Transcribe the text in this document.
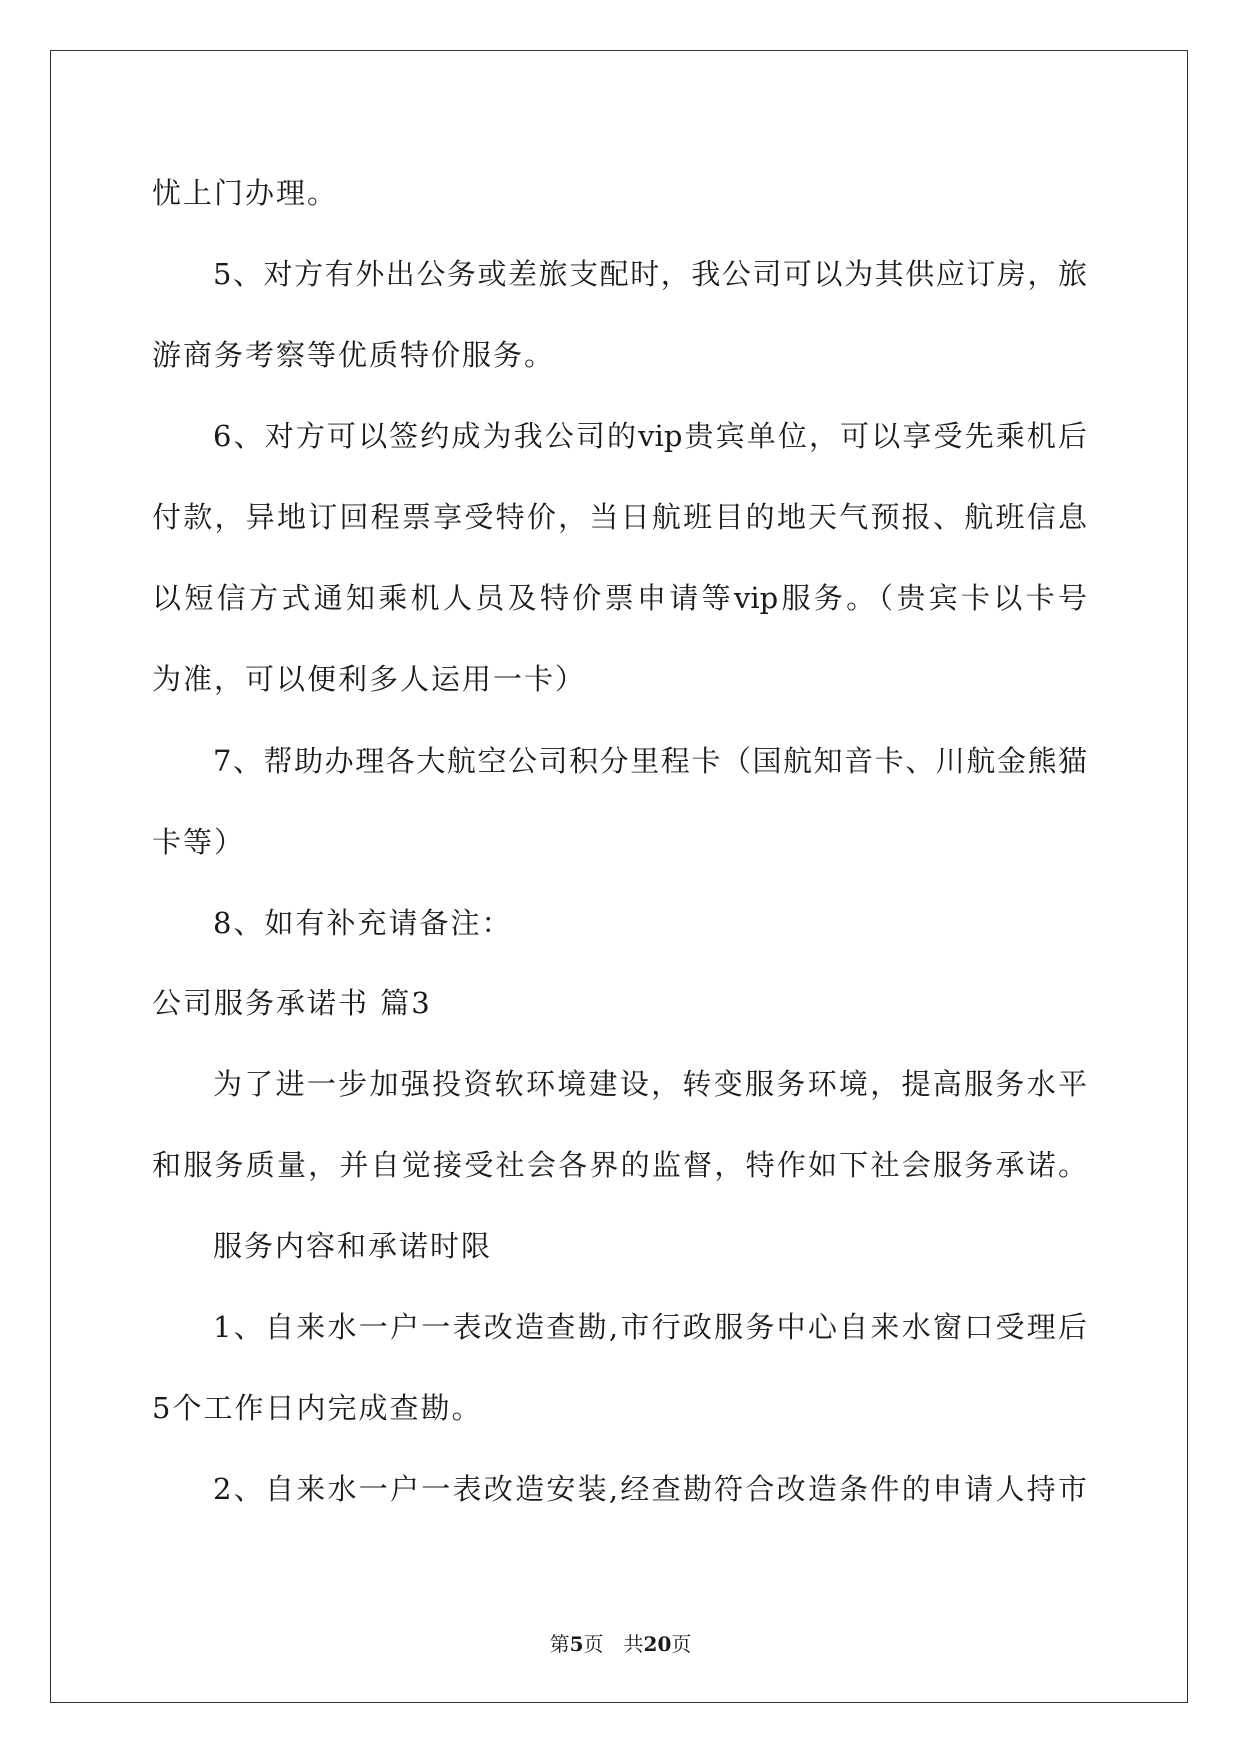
忧上门办理。
5、对方有外出公务或差旅支配时，我公司可以为其供应订房，旅
游商务考察等优质特价服务。
6、对方可以签约成为我公司的vip贵宾单位，可以享受先乘机后
付款，异地订回程票享受特价，当日航班目的地天气预报、航班信息
以短信方式通知乘机人员及特价票申请等vip服务。（贵宾卡以卡号
为准，可以便利多人运用一卡）
7、帮助办理各大航空公司积分里程卡（国航知音卡、川航金熊猫
卡等）
8、如有补充请备注：
公司服务承诺书 篇3
为了进一步加强投资软环境建设，转变服务环境，提高服务水平
和服务质量，并自觉接受社会各界的监督，特作如下社会服务承诺。
服务内容和承诺时限
1、自来水一户一表改造查勘,市行政服务中心自来水窗口受理后
5个工作日内完成查勘。
2、自来水一户一表改造安装,经查勘符合改造条件的申请人持市
第5页　共20页
